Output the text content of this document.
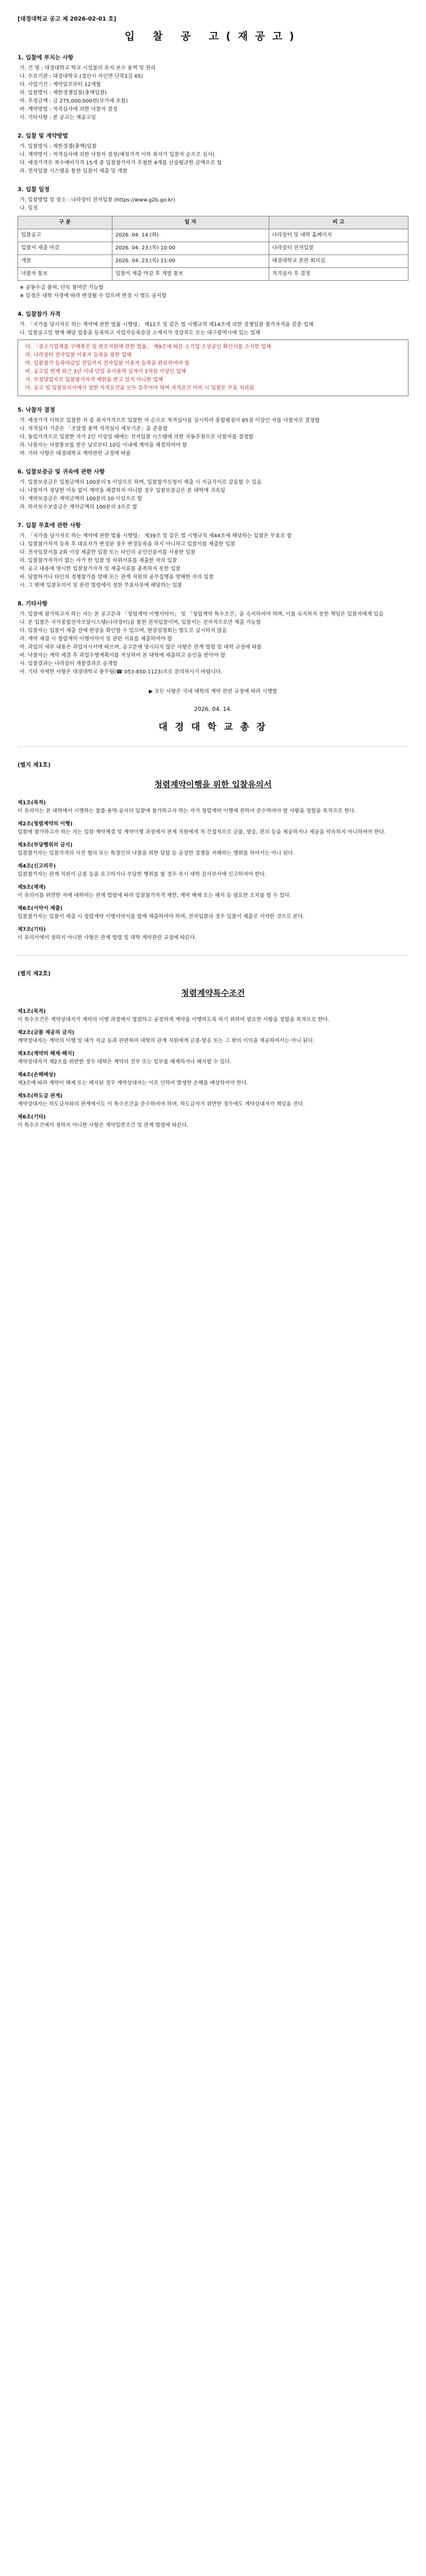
[대경대학교 공고 제 2026-02-01 호]
입 찰 공 고(재공고)
1. 입찰에 부치는 사항
가. 건 명 : 대경대학교 학교 시설물의 유지·보수 용역 및 관리
나. 수요기관 : 대경대학교 (경산시 자인면 단북1길 65)
다. 사업기간 : 계약일로부터 12개월
라. 입찰방식 : 제한경쟁입찰(총액입찰)
마. 추정금액 : 금 275,000,000원(부가세 포함)
바. 계약방법 : 적격심사에 의한 낙찰자 결정
사. 기타사항 : 본 공고는 재공고임
2. 입찰 및 계약방법
가. 입찰방식 : 제한경쟁(총액)입찰
나. 계약방식 : 적격심사에 의한 낙찰자 결정(예정가격 이하 최저가 입찰자 순으로 심사)
다. 예정가격은 복수예비가격 15개 중 입찰참가자가 추첨한 4개를 산술평균한 금액으로 함
라. 전자입찰 시스템을 통한 입찰서 제출 및 개찰
3. 입찰 일정
가. 입찰방법 및 장소 : 나라장터 전자입찰 (https://www.g2b.go.kr)
나. 일정
구 분	일 자	비 고
입찰공고	2026. 04. 14.(화)	나라장터 및 대학 홈페이지
입찰서 제출 마감	2026. 04. 23.(목) 10:00	나라장터 전자입찰
개찰	2026. 04. 23.(목) 11:00	대경대학교 본관 회의실
낙찰자 통보	입찰서 제출 마감 후 개별 통보	적격심사 후 결정
※ 공동수급 불허, 단독 참여만 가능함
※ 일정은 대학 사정에 따라 변경될 수 있으며 변경 시 별도 공지함
4. 입찰참가 자격
가. 「국가를 당사자로 하는 계약에 관한 법률 시행령」 제12조 및 같은 법 시행규칙 제14조에 의한 경쟁입찰 참가자격을 갖춘 업체
나. 입찰공고일 현재 해당 업종을 등록하고 사업자등록증상 소재지가 경상북도 또는 대구광역시에 있는 업체
다. 「중소기업제품 구매촉진 및 판로지원에 관한 법률」 제9조에 따른 소기업·소상공인 확인서를 소지한 업체
라. 나라장터 전자입찰 이용자 등록을 필한 업체
마. 입찰참가 등록마감일 전일까지 전자입찰 이용자 등록을 완료하여야 함
바. 공고일 현재 최근 3년 이내 단일 유사용역 실적이 1억원 이상인 업체
사. 부정당업자로 입찰참가자격 제한을 받고 있지 아니한 업체
아. 공고 및 입찰유의서에서 정한 자격요건을 모두 갖추어야 하며 자격요건 미비 시 입찰은 무효 처리됨
5. 낙찰자 결정
가. 예정가격 이하로 입찰한 자 중 최저가격으로 입찰한 자 순으로 적격심사를 실시하여 종합평점이 85점 이상인 자를 낙찰자로 결정함
나. 적격심사 기준은 「조달청 용역 적격심사 세부기준」을 준용함
다. 동일가격으로 입찰한 자가 2인 이상일 때에는 전자입찰 시스템에 의한 자동추첨으로 낙찰자를 결정함
라. 낙찰자는 낙찰통보를 받은 날로부터 10일 이내에 계약을 체결하여야 함
마. 기타 사항은 대경대학교 계약관련 규정에 따름
6. 입찰보증금 및 귀속에 관한 사항
가. 입찰보증금은 입찰금액의 100분의 5 이상으로 하며, 입찰참가신청서 제출 시 지급각서로 갈음할 수 있음
나. 낙찰자가 정당한 이유 없이 계약을 체결하지 아니할 경우 입찰보증금은 본 대학에 귀속됨
다. 계약보증금은 계약금액의 100분의 10 이상으로 함
라. 하자보수보증금은 계약금액의 100분의 3으로 함
7. 입찰 무효에 관한 사항
가. 「국가를 당사자로 하는 계약에 관한 법률 시행령」 제39조 및 같은 법 시행규칙 제44조에 해당하는 입찰은 무효로 함
나. 입찰참가자격 등록 후 대표자가 변경된 경우 변경등록을 하지 아니하고 입찰서를 제출한 입찰
다. 전자입찰서를 2회 이상 제출한 입찰 또는 타인의 공인인증서를 사용한 입찰
라. 입찰참가자격이 없는 자가 한 입찰 및 허위서류를 제출한 자의 입찰
마. 공고 내용에 명시한 입찰참가자격 및 제출서류를 충족하지 못한 입찰
바. 담합하거나 타인의 경쟁참가를 방해 또는 관계 직원의 공무집행을 방해한 자의 입찰
사. 그 밖에 입찰유의서 및 관련 법령에서 정한 무효사유에 해당하는 입찰
8. 기타사항
가. 입찰에 참가하고자 하는 자는 본 공고문과 「청렴계약 이행서약서」 및 「청렴계약 특수조건」을 숙지하여야 하며, 이를 숙지하지 못한 책임은 입찰자에게 있음
나. 본 입찰은 국가종합전자조달시스템(나라장터)을 통한 전자입찰이며, 입찰서는 전자적으로만 제출 가능함
다. 입찰자는 입찰서 제출 전에 현장을 확인할 수 있으며, 현장설명회는 별도로 실시하지 않음
라. 계약 체결 시 청렴계약 이행서약서 및 관련 서류를 제출하여야 함
마. 과업의 세부 내용은 과업지시서에 따르며, 공고문에 명시되지 않은 사항은 관계 법령 및 대학 규정에 따름
바. 낙찰자는 계약 체결 후 과업수행계획서를 작성하여 본 대학에 제출하고 승인을 받아야 함
사. 입찰결과는 나라장터 개찰결과로 공개함
아. 기타 자세한 사항은 대경대학교 총무팀(☎ 053-850-1123)으로 문의하시기 바랍니다.
▶ 모든 사항은 국내 대학의 계약 관련 규정에 따라 시행함
2026. 04. 14.
대 경 대 학 교 총 장
(별지 제1호)
청렴계약이행을 위한 입찰유의서

제1조(목적)

이 유의서는 본 대학에서 시행하는 물품·용역·공사의 입찰에 참가하고자 하는 자가 청렴계약 이행에 관하여 준수하여야 할 사항을 정함을 목적으로 한다.

제2조(청렴계약의 이행)

입찰에 참가하고자 하는 자는 입찰·계약체결 및 계약이행 과정에서 관계 직원에게 직·간접적으로 금품, 향응, 편의 등을 제공하거나 제공을 약속하지 아니하여야 한다.

제3조(부당행위의 금지)

입찰참가자는 입찰가격의 사전 협의 또는 특정인의 낙찰을 위한 담합 등 공정한 경쟁을 저해하는 행위를 하여서는 아니 된다.

제4조(신고의무)

입찰참가자는 관계 직원이 금품 등을 요구하거나 부당한 행위를 할 경우 즉시 대학 감사부서에 신고하여야 한다.

제5조(제재)

이 유의서를 위반한 자에 대하여는 관계 법령에 따라 입찰참가자격 제한, 계약 해제 또는 해지 등 필요한 조치를 할 수 있다.

제6조(서약서 제출)

입찰참가자는 입찰서 제출 시 청렴계약 이행서약서를 함께 제출하여야 하며, 전자입찰의 경우 입찰서 제출로 서약한 것으로 본다.

제7조(기타)

이 유의서에서 정하지 아니한 사항은 관계 법령 및 대학 계약관련 규정에 따른다.

(별지 제2호)
청렴계약특수조건

제1조(목적)

이 특수조건은 계약상대자가 계약의 이행 과정에서 청렴하고 공정하게 계약을 이행하도록 하기 위하여 필요한 사항을 정함을 목적으로 한다.

제2조(금품 제공의 금지)

계약상대자는 계약의 이행 및 대가 지급 등과 관련하여 대학의 관계 직원에게 금품·향응 또는 그 밖의 이익을 제공하여서는 아니 된다.

제3조(계약의 해제·해지)

계약상대자가 제2조를 위반한 경우 대학은 계약의 전부 또는 일부를 해제하거나 해지할 수 있다.

제4조(손해배상)

제3조에 따라 계약이 해제 또는 해지된 경우 계약상대자는 이로 인하여 발생한 손해를 배상하여야 한다.

제5조(하도급 관계)

계약상대자는 하도급자와의 관계에서도 이 특수조건을 준수하여야 하며, 하도급자가 위반한 경우에도 계약상대자가 책임을 진다.

제6조(기타)

이 특수조건에서 정하지 아니한 사항은 계약일반조건 및 관계 법령에 따른다.
